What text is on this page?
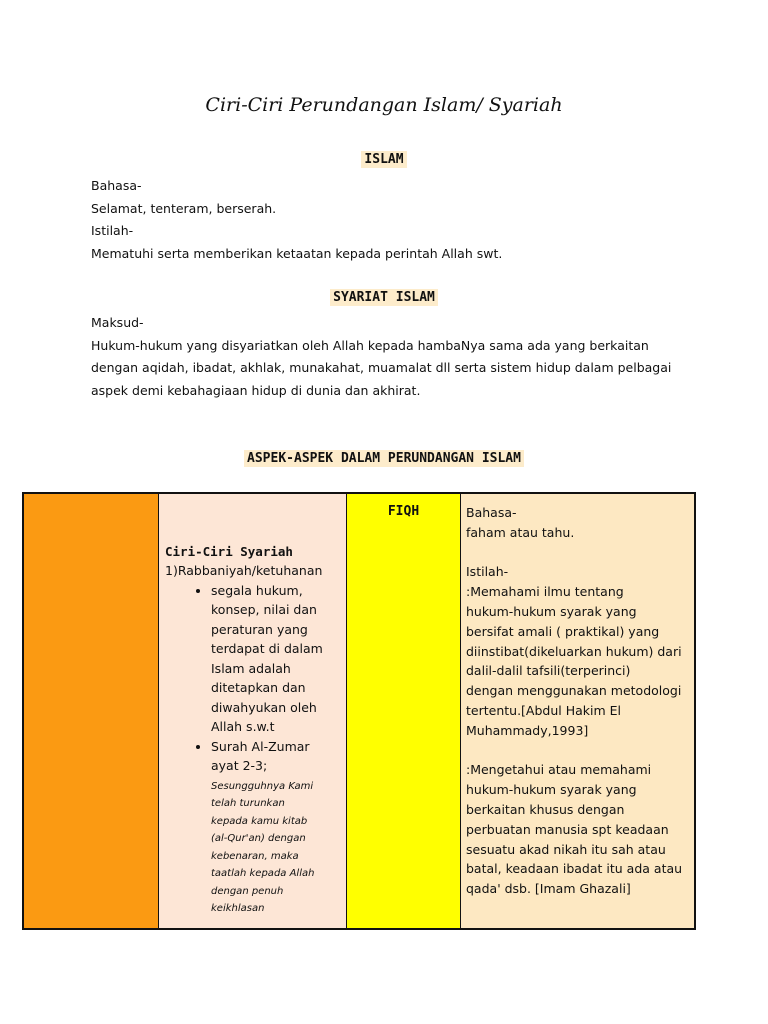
Ciri-Ciri Perundangan Islam/ Syariah
ISLAM
Bahasa-
Selamat, tenteram, berserah.
Istilah-
Mematuhi serta memberikan ketaatan kepada perintah Allah swt.
SYARIAT ISLAM
Maksud-
Hukum-hukum yang disyariatkan oleh Allah kepada hambaNya sama ada yang berkaitan
dengan aqidah, ibadat, akhlak, munakahat, muamalat dll serta sistem hidup dalam pelbagai
aspek demi kebahagiaan hidup di dunia dan akhirat.
ASPEK-ASPEK DALAM PERUNDANGAN ISLAM
Ciri-Ciri Syariah
1)Rabbaniyah/ketuhanan
• segala hukum,
konsep, nilai dan
peraturan yang
terdapat di dalam
Islam adalah
ditetapkan dan
diwahyukan oleh
Allah s.w.t
• Surah Al-Zumar
ayat 2-3;
Sesungguhnya Kami
telah turunkan
kepada kamu kitab
(al-Qur'an) dengan
kebenaran, maka
taatlah kepada Allah
dengan penuh
keikhlasan
FIQH	Bahasa-
faham atau tahu.
Istilah-
:Memahami ilmu tentang
hukum-hukum syarak yang
bersifat amali ( praktikal) yang
diinstibat(dikeluarkan hukum) dari
dalil-dalil tafsili(terperinci)
dengan menggunakan metodologi
tertentu.[Abdul Hakim El
Muhammady,1993]
:Mengetahui atau memahami
hukum-hukum syarak yang
berkaitan khusus dengan
perbuatan manusia spt keadaan
sesuatu akad nikah itu sah atau
batal, keadaan ibadat itu ada atau
qada' dsb. [Imam Ghazali]
